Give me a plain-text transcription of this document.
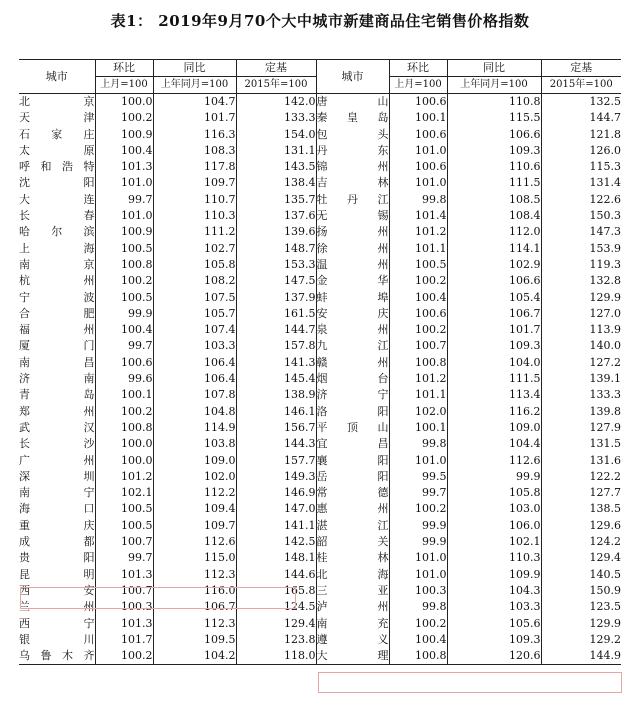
表1： 2019年9月70个大中城市新建商品住宅销售价格指数
城市	环比	同比	定基	城市	环比	同比	定基
	上月=100	上年同月=100	2015年=100		上月=100	上年同月=100	2015年=100
北京	100.0	104.7	142.0	唐山	100.6	110.8	132.5
天津	100.2	101.7	133.3	秦皇岛	100.1	115.5	144.7
石家庄	100.9	116.3	154.0	包头	100.6	106.6	121.8
太原	100.4	108.3	131.1	丹东	101.0	109.3	126.0
呼和浩特	101.3	117.8	143.5	锦州	100.6	110.6	115.3
沈阳	101.0	109.7	138.4	吉林	101.0	111.5	131.4
大连	99.7	110.7	135.7	牡丹江	99.8	108.5	122.6
长春	101.0	110.3	137.6	无锡	101.4	108.4	150.3
哈尔滨	100.9	111.2	139.6	扬州	101.2	112.0	147.3
上海	100.5	102.7	148.7	徐州	101.1	114.1	153.9
南京	100.8	105.8	153.3	温州	100.5	102.9	119.3
杭州	100.2	108.2	147.5	金华	100.2	106.6	132.8
宁波	100.5	107.5	137.9	蚌埠	100.4	105.4	129.9
合肥	99.9	105.7	161.5	安庆	100.6	106.7	127.0
福州	100.4	107.4	144.7	泉州	100.2	101.7	113.9
厦门	99.7	103.3	157.8	九江	100.7	109.3	140.0
南昌	100.6	106.4	141.3	赣州	100.8	104.0	127.2
济南	99.6	106.4	145.4	烟台	101.2	111.5	139.1
青岛	100.1	107.8	138.9	济宁	101.1	113.4	133.3
郑州	100.2	104.8	146.1	洛阳	102.0	116.2	139.8
武汉	100.8	114.9	156.7	平顶山	100.1	109.0	127.9
长沙	100.0	103.8	144.3	宜昌	99.8	104.4	131.5
广州	100.0	109.0	157.7	襄阳	101.0	112.6	131.6
深圳	101.2	102.0	149.3	岳阳	99.5	99.9	122.2
南宁	102.1	112.2	146.9	常德	99.7	105.8	127.7
海口	100.5	109.4	147.0	惠州	100.2	103.0	138.5
重庆	100.5	109.7	141.1	湛江	99.9	106.0	129.6
成都	100.7	112.6	142.5	韶关	99.9	102.1	124.2
贵阳	99.7	115.0	148.1	桂林	101.0	110.3	129.4
昆明	101.3	112.3	144.6	北海	101.0	109.9	140.5
西安	100.7	116.0	165.8	三亚	100.3	104.3	150.9
兰州	100.3	106.7	124.5	泸州	99.8	103.3	123.5
西宁	101.3	112.3	129.4	南充	100.2	105.6	129.9
银川	101.7	109.5	123.8	遵义	100.4	109.3	129.2
乌鲁木齐	100.2	104.2	118.0	大理	100.8	120.6	144.9
